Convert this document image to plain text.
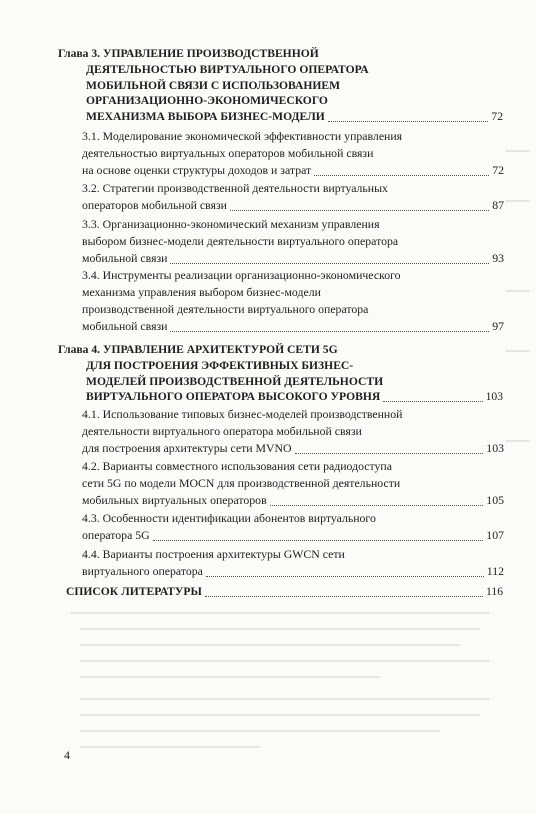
Глава 3.
УПРАВЛЕНИЕ ПРОИЗВОДСТВЕННОЙ
ДЕЯТЕЛЬНОСТЬЮ ВИРТУАЛЬНОГО ОПЕРАТОРА
МОБИЛЬНОЙ СВЯЗИ С ИСПОЛЬЗОВАНИЕМ
ОРГАНИЗАЦИОННО-ЭКОНОМИЧЕСКОГО
МЕХАНИЗМА ВЫБОРА БИЗНЕС-МОДЕЛИ	72
3.1. Моделирование экономической эффективности управления
деятельностью виртуальных операторов мобильной связи
на основе оценки структуры доходов и затрат	72
3.2. Стратегии производственной деятельности виртуальных
операторов мобильной связи	87
3.3. Организационно-экономический механизм управления
выбором бизнес-модели деятельности виртуального оператора
мобильной связи	93
3.4. Инструменты реализации организационно-экономического
механизма управления выбором бизнес-модели
производственной деятельности виртуального оператора
мобильной связи	97
Глава 4.
УПРАВЛЕНИЕ АРХИТЕКТУРОЙ СЕТИ 5G
ДЛЯ ПОСТРОЕНИЯ ЭФФЕКТИВНЫХ БИЗНЕС-
МОДЕЛЕЙ ПРОИЗВОДСТВЕННОЙ ДЕЯТЕЛЬНОСТИ
ВИРТУАЛЬНОГО ОПЕРАТОРА ВЫСОКОГО УРОВНЯ	103
4.1. Использование типовых бизнес-моделей производственной
деятельности виртуального оператора мобильной связи
для построения архитектуры сети MVNO	103
4.2. Варианты совместного использования сети радиодоступа
сети 5G по модели MOCN для производственной деятельности
мобильных виртуальных операторов	105
4.3. Особенности идентификации абонентов виртуального
оператора 5G	107
4.4. Варианты построения архитектуры GWCN сети
виртуального оператора	112
СПИСОК ЛИТЕРАТУРЫ	116
4
